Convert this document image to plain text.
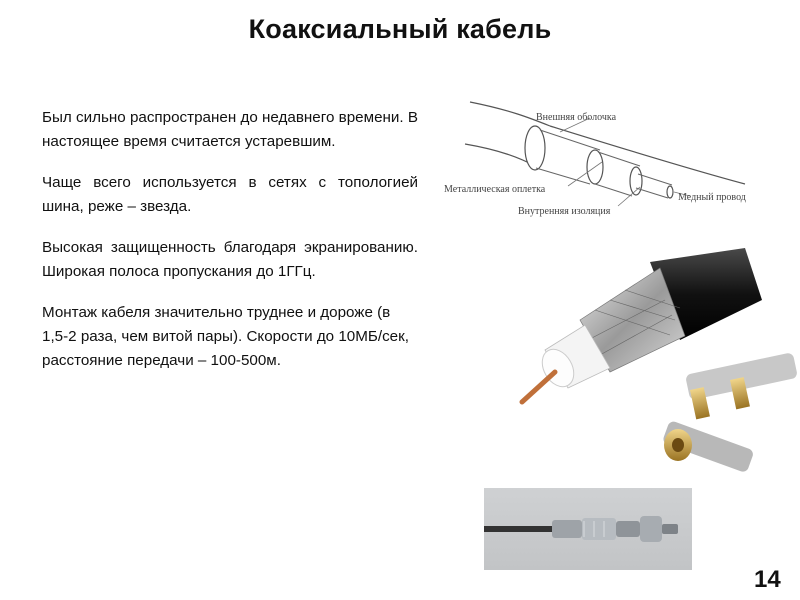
Коаксиальный кабель

Был сильно распространен до недавнего времени. В настоящее время считается устаревшим.

Чаще всего используется в сетях с топологией шина, реже – звезда.

Высокая защищенность благодаря экранированию. Широкая полоса пропускания до 1ГГц.

Монтаж кабеля значительно труднее и дороже (в 1,5-2 раза, чем витой пары). Скорости до 10МБ/сек, расстояние передачи – 100-500м.

Внешняя оболочка
Металлическая оплетка
Внутренняя изоляция
Медный провод
14
